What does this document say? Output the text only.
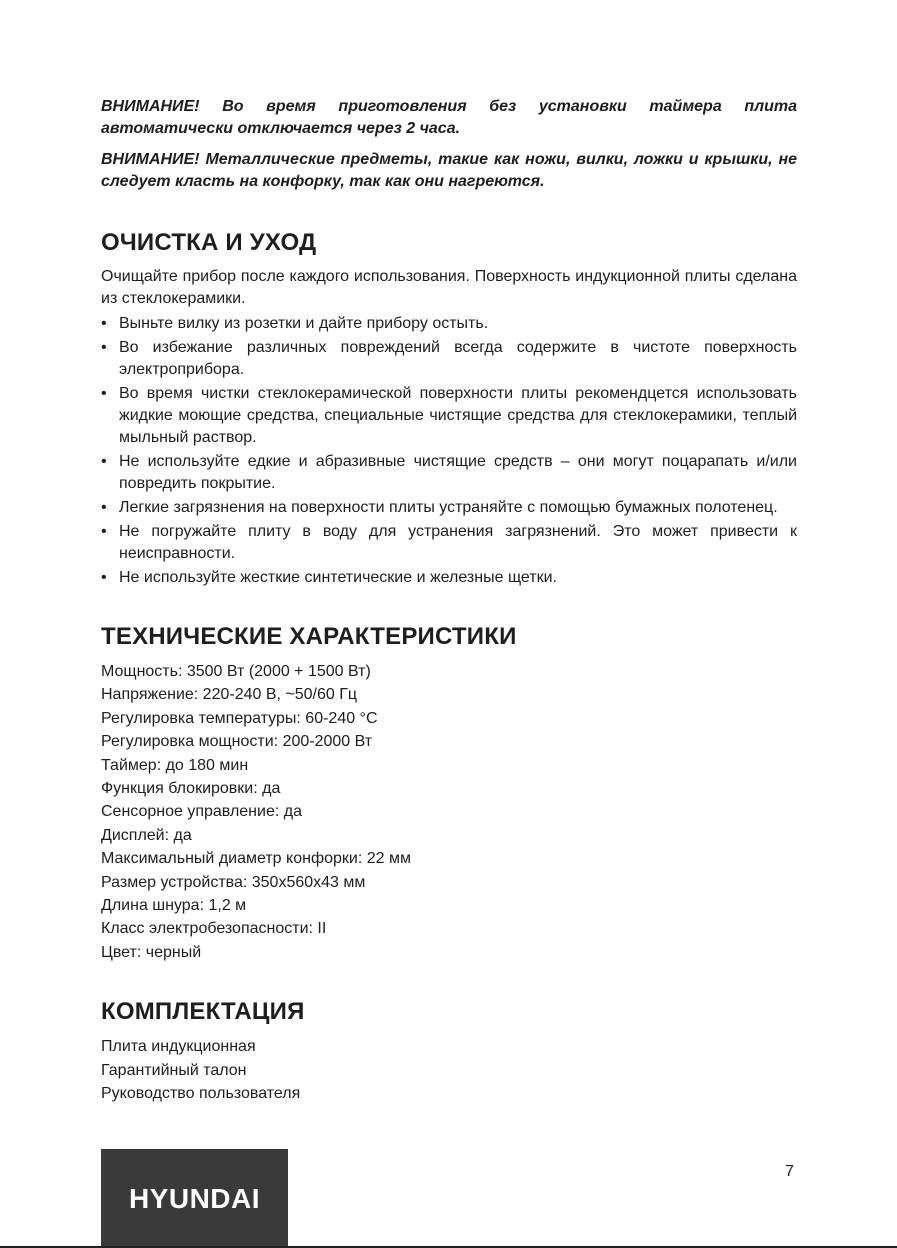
ВНИМАНИЕ! Во время приготовления без установки таймера плита автоматически отключается через 2 часа.

ВНИМАНИЕ! Металлические предметы, такие как ножи, вилки, ложки и крышки, не следует класть на конфорку, так как они нагреются.

ОЧИСТКА И УХОД

Очищайте прибор после каждого использования. Поверхность индукционной плиты сделана из стеклокерамики.

• Выньте вилку из розетки и дайте прибору остыть.
• Во избежание различных повреждений всегда содержите в чистоте поверхность электроприбора.
• Во время чистки стеклокерамической поверхности плиты рекомендцется использовать жидкие моющие средства, специальные чистящие средства для стеклокерамики, теплый мыльный раствор.
• Не используйте едкие и абразивные чистящие средств – они могут поцарапать и/или повредить покрытие.
• Легкие загрязнения на поверхности плиты устраняйте с помощью бумажных полотенец.
• Не погружайте плиту в воду для устранения загрязнений. Это может привести к неисправности.
• Не используйте жесткие синтетические и железные щетки.
ТЕХНИЧЕСКИЕ ХАРАКТЕРИСТИКИ
Мощность: 3500 Вт (2000 + 1500 Вт)
Напряжение: 220-240 В, ~50/60 Гц
Регулировка температуры: 60-240 °С
Регулировка мощности: 200-2000 Вт
Таймер: до 180 мин
Функция блокировки: да
Сенсорное управление: да
Дисплей: да
Максимальный диаметр конфорки: 22 мм
Размер устройства: 350x560x43 мм
Длина шнура: 1,2 м
Класс электробезопасности: II
Цвет: черный
КОМПЛЕКТАЦИЯ
Плита индукционная
Гарантийный талон
Руководство пользователя
HYUNDAI
7
